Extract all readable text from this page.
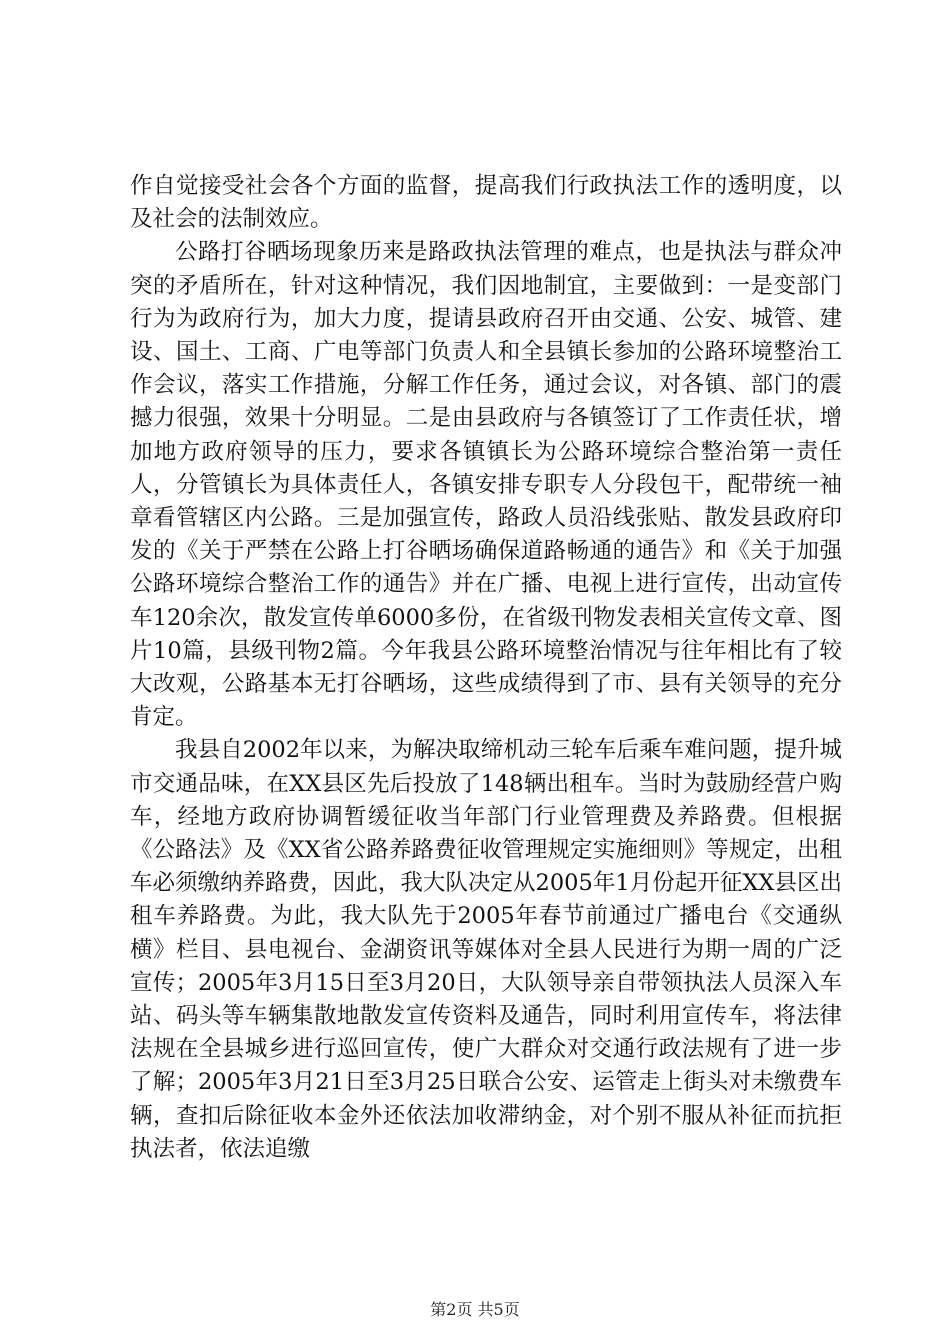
作自觉接受社会各个方面的监督，提高我们行政执法工作的透明度，以及社会的法制效应。

公路打谷晒场现象历来是路政执法管理的难点，也是执法与群众冲突的矛盾所在，针对这种情况，我们因地制宜，主要做到：一是变部门行为为政府行为，加大力度，提请县政府召开由交通、公安、城管、建设、国土、工商、广电等部门负责人和全县镇长参加的公路环境整治工作会议，落实工作措施，分解工作任务，通过会议，对各镇、部门的震撼力很强，效果十分明显。二是由县政府与各镇签订了工作责任状，增加地方政府领导的压力，要求各镇镇长为公路环境综合整治第一责任人，分管镇长为具体责任人，各镇安排专职专人分段包干，配带统一袖章看管辖区内公路。三是加强宣传，路政人员沿线张贴、散发县政府印发的《关于严禁在公路上打谷晒场确保道路畅通的通告》和《关于加强公路环境综合整治工作的通告》并在广播、电视上进行宣传，出动宣传车120余次，散发宣传单6000多份，在省级刊物发表相关宣传文章、图片10篇，县级刊物2篇。今年我县公路环境整治情况与往年相比有了较大改观，公路基本无打谷晒场，这些成绩得到了市、县有关领导的充分肯定。

我县自2002年以来，为解决取缔机动三轮车后乘车难问题，提升城市交通品味，在XX县区先后投放了148辆出租车。当时为鼓励经营户购车，经地方政府协调暂缓征收当年部门行业管理费及养路费。但根据《公路法》及《XX省公路养路费征收管理规定实施细则》等规定，出租车必须缴纳养路费，因此，我大队决定从2005年1月份起开征XX县区出租车养路费。为此，我大队先于2005年春节前通过广播电台《交通纵横》栏目、县电视台、金湖资讯等媒体对全县人民进行为期一周的广泛宣传；2005年3月15日至3月20日，大队领导亲自带领执法人员深入车站、码头等车辆集散地散发宣传资料及通告，同时利用宣传车，将法律法规在全县城乡进行巡回宣传，使广大群众对交通行政法规有了进一步了解；2005年3月21日至3月25日联合公安、运管走上街头对未缴费车辆，查扣后除征收本金外还依法加收滞纳金，对个别不服从补征而抗拒执法者，依法追缴

第2页 共5页
